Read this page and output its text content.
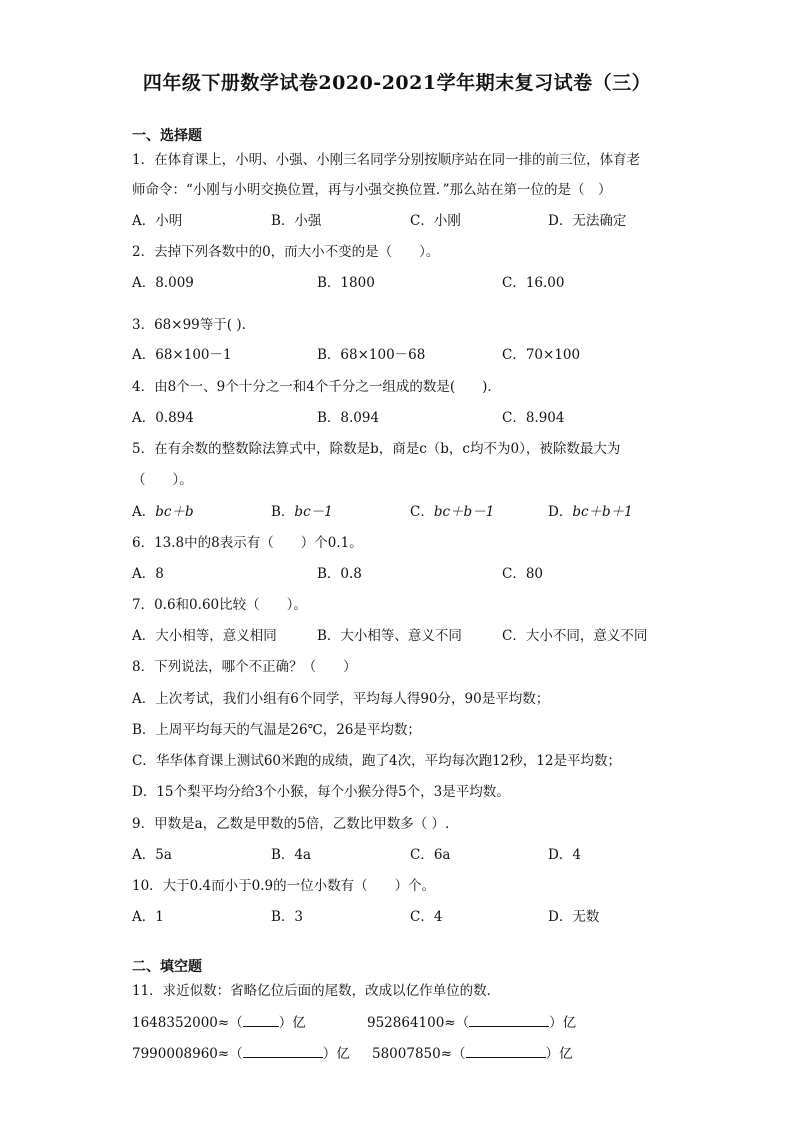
四年级下册数学试卷2020-2021学年期末复习试卷（三）
一、选择题
1．在体育课上，小明、小强、小刚三名同学分别按顺序站在同一排的前三位，体育老
师命令：“小刚与小明交换位置，再与小强交换位置．”那么站在第一位的是（　）
A．小明	B．小强	C．小刚	D．无法确定
2．去掉下列各数中的0，而大小不变的是（　　）。
A．8.009	B．1800	C．16.00
3．68×99等于( ).
A．68×100－1	B．68×100－68	C．70×100
4．由8个一、9个十分之一和4个千分之一组成的数是(　　)．
A．0.894	B．8.094	C．8.904
5．在有余数的整数除法算式中，除数是b，商是c（b，c均不为0），被除数最大为
（　　）。
A．bc＋b	B．bc－1	C．bc＋b－1	D．bc＋b＋1
6．13.8中的8表示有（　　）个0.1。
A．8	B．0.8	C．80
7．0.6和0.60比较（　　）。
A．大小相等，意义相同	B．大小相等、意义不同	C．大小不同，意义不同
8．下列说法，哪个不正确？（　　）
A．上次考试，我们小组有6个同学，平均每人得90分，90是平均数；
B．上周平均每天的气温是26℃，26是平均数；
C．华华体育课上测试60米跑的成绩，跑了4次，平均每次跑12秒，12是平均数；
D．15个梨平均分给3个小猴，每个小猴分得5个，3是平均数。
9．甲数是a，乙数是甲数的5倍，乙数比甲数多（ ）.
A．5a	B．4a	C．6a	D．4
10．大于0.4而小于0.9的一位小数有（　　）个。
A．1	B．3	C．4	D．无数
二、填空题
11．求近似数：省略亿位后面的尾数，改成以亿作单位的数．
1648352000≈（	）亿	952864100≈（	）亿
7990008960≈（	）亿 58007850≈（	）亿
